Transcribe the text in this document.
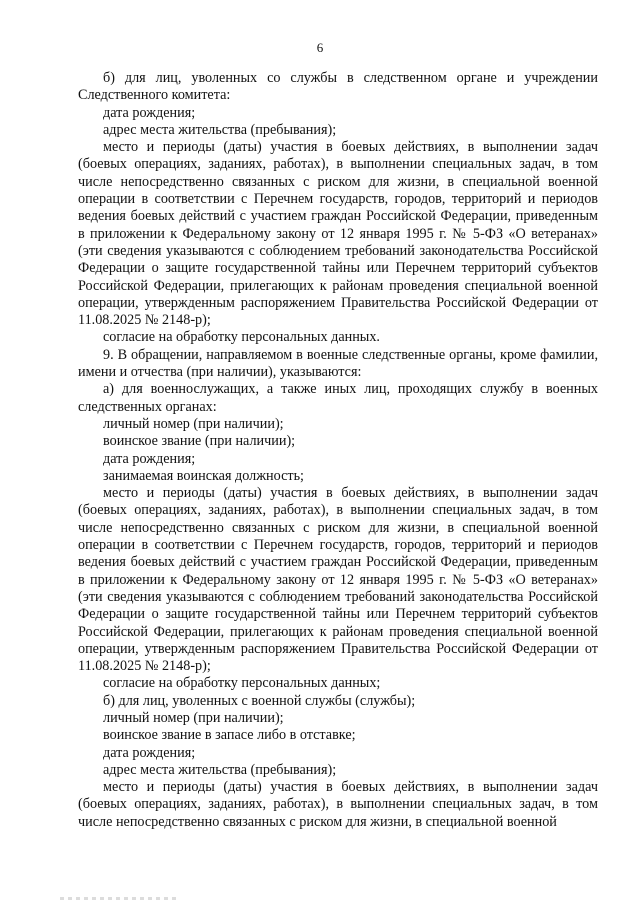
6

б) для лиц, уволенных со службы в следственном органе и учреждении Следственного комитета:

дата рождения;

адрес места жительства (пребывания);

место и периоды (даты) участия в боевых действиях, в выполнении задач (боевых операциях, заданиях, работах), в выполнении специальных задач, в том числе непосредственно связанных с риском для жизни, в специальной военной операции в соответствии с Перечнем государств, городов, территорий и периодов ведения боевых действий с участием граждан Российской Федерации, приведенным в приложении к Федеральному закону от 12 января 1995 г. № 5-ФЗ «О ветеранах» (эти сведения указываются с соблюдением требований законодательства Российской Федерации о защите государственной тайны или Перечнем территорий субъектов Российской Федерации, прилегающих к районам проведения специальной военной операции, утвержденным распоряжением Правительства Российской Федерации от 11.08.2025 № 2148-р);

согласие на обработку персональных данных.

9. В обращении, направляемом в военные следственные органы, кроме фамилии, имени и отчества (при наличии), указываются:

а) для военнослужащих, а также иных лиц, проходящих службу в военных следственных органах:

личный номер (при наличии);

воинское звание (при наличии);

дата рождения;

занимаемая воинская должность;

место и периоды (даты) участия в боевых действиях, в выполнении задач (боевых операциях, заданиях, работах), в выполнении специальных задач, в том числе непосредственно связанных с риском для жизни, в специальной военной операции в соответствии с Перечнем государств, городов, территорий и периодов ведения боевых действий с участием граждан Российской Федерации, приведенным в приложении к Федеральному закону от 12 января 1995 г. № 5-ФЗ «О ветеранах» (эти сведения указываются с соблюдением требований законодательства Российской Федерации о защите государственной тайны или Перечнем территорий субъектов Российской Федерации, прилегающих к районам проведения специальной военной операции, утвержденным распоряжением Правительства Российской Федерации от 11.08.2025 № 2148-р);

согласие на обработку персональных данных;

б) для лиц, уволенных с военной службы (службы);

личный номер (при наличии);

воинское звание в запасе либо в отставке;

дата рождения;

адрес места жительства (пребывания);

место и периоды (даты) участия в боевых действиях, в выполнении задач (боевых операциях, заданиях, работах), в выполнении специальных задач, в том числе непосредственно связанных с риском для жизни, в специальной военной
